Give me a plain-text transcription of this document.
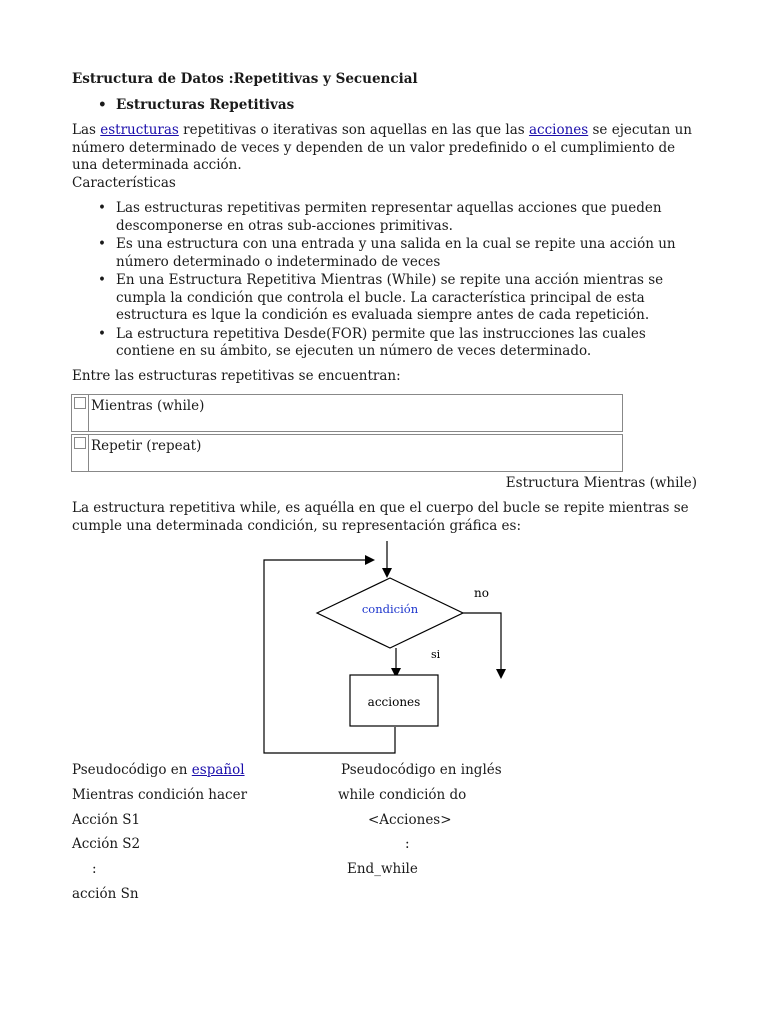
Estructura de Datos :Repetitivas y Secuencial
• Estructuras Repetitivas
Las estructuras repetitivas o iterativas son aquellas en las que las acciones se ejecutan un número determinado de veces y dependen de un valor predefinido o el cumplimiento de una determinada acción.
Características
• Las estructuras repetitivas permiten representar aquellas acciones que pueden descomponerse en otras sub-acciones primitivas.
• Es una estructura con una entrada y una salida en la cual se repite una acción un número determinado o indeterminado de veces
• En una Estructura Repetitiva Mientras (While) se repite una acción mientras se cumpla la condición que controla el bucle. La característica principal de esta estructura es lque la condición es evaluada siempre antes de cada repetición.
• La estructura repetitiva Desde(FOR) permite que las instrucciones las cuales contiene en su ámbito, se ejecuten un número de veces determinado.
Entre las estructuras repetitivas se encuentran:
Mientras (while)
Repetir (repeat)
Estructura Mientras (while)
La estructura repetitiva while, es aquélla en que el cuerpo del bucle se repite mientras se cumple una determinada condición, su representación gráfica es:
condición
no
si
acciones
Pseudocódigo en español	Pseudocódigo en inglés
Mientras condición hacer	while condición do
Acción S1	<Acciones>
Acción S2	:
:	End_while
acción Sn
